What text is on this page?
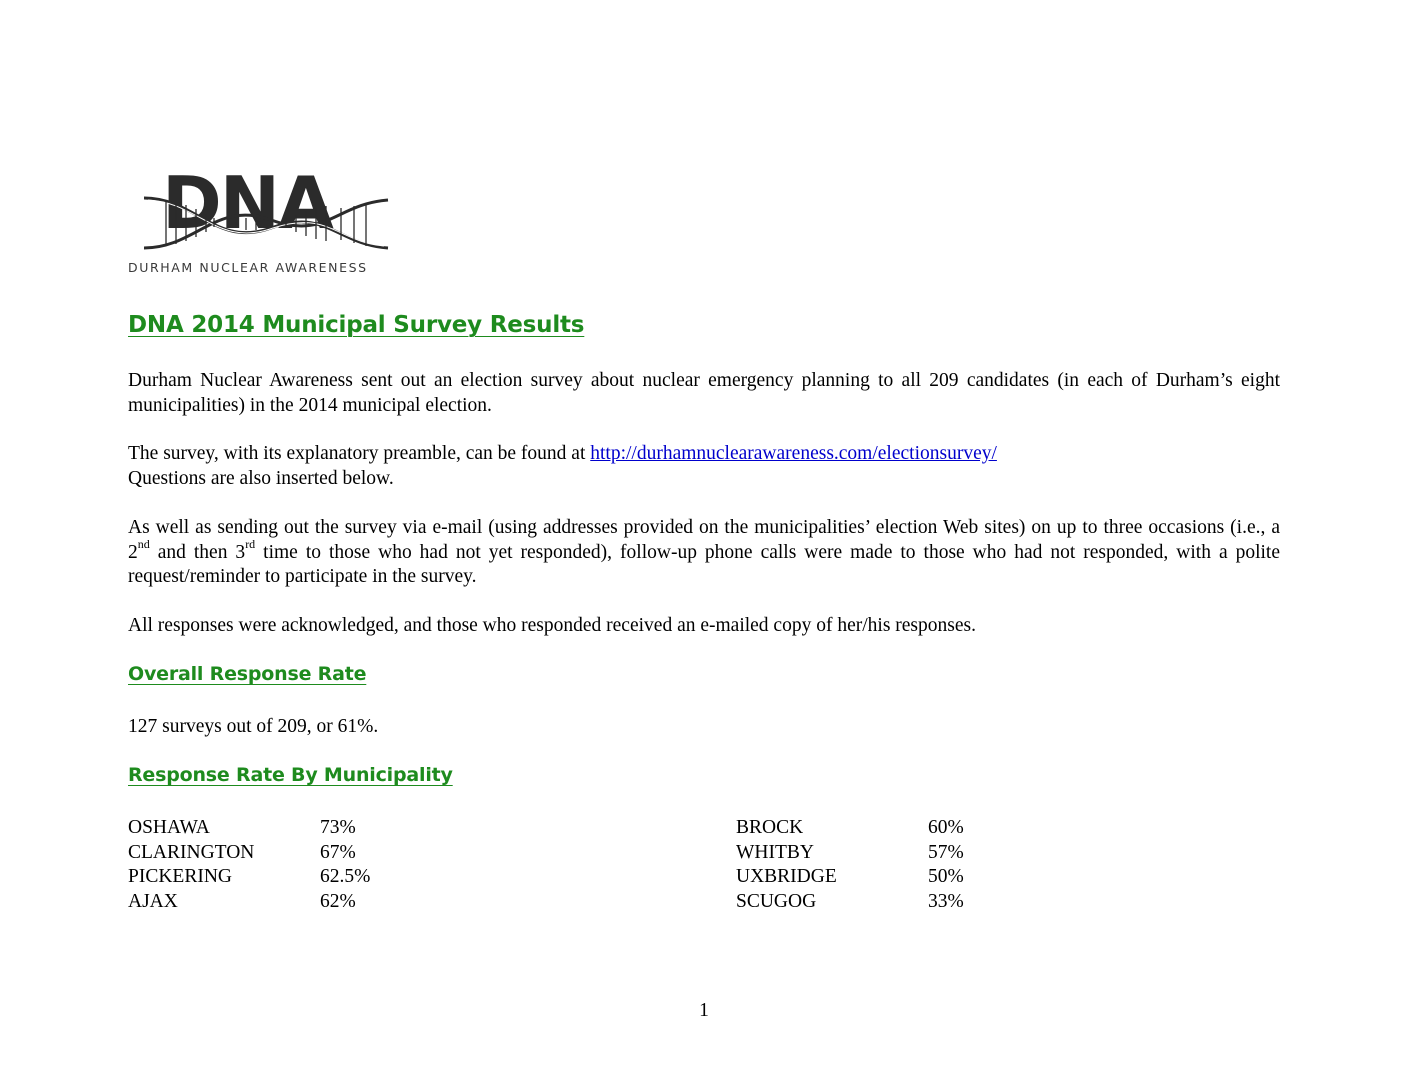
DNA
DURHAM NUCLEAR AWARENESS
DNA 2014 Municipal Survey Results
Durham Nuclear Awareness sent out an election survey about nuclear emergency planning to all 209 candidates (in each of Durham’s eight municipalities) in the 2014 municipal election.
The survey, with its explanatory preamble, can be found at http://durhamnuclearawareness.com/electionsurvey/
Questions are also inserted below.
As well as sending out the survey via e-mail (using addresses provided on the municipalities’ election Web sites) on up to three occasions (i.e., a 2nd and then 3rd time to those who had not yet responded), follow-up phone calls were made to those who had not responded, with a polite request/reminder to participate in the survey.
All responses were acknowledged, and those who responded received an e-mailed copy of her/his responses.
Overall Response Rate
127 surveys out of 209, or 61%.
Response Rate By Municipality
OSHAWA	73%
CLARINGTON	67%
PICKERING	62.5%
AJAX	62%
BROCK	60%
WHITBY	57%
UXBRIDGE	50%
SCUGOG	33%
1
